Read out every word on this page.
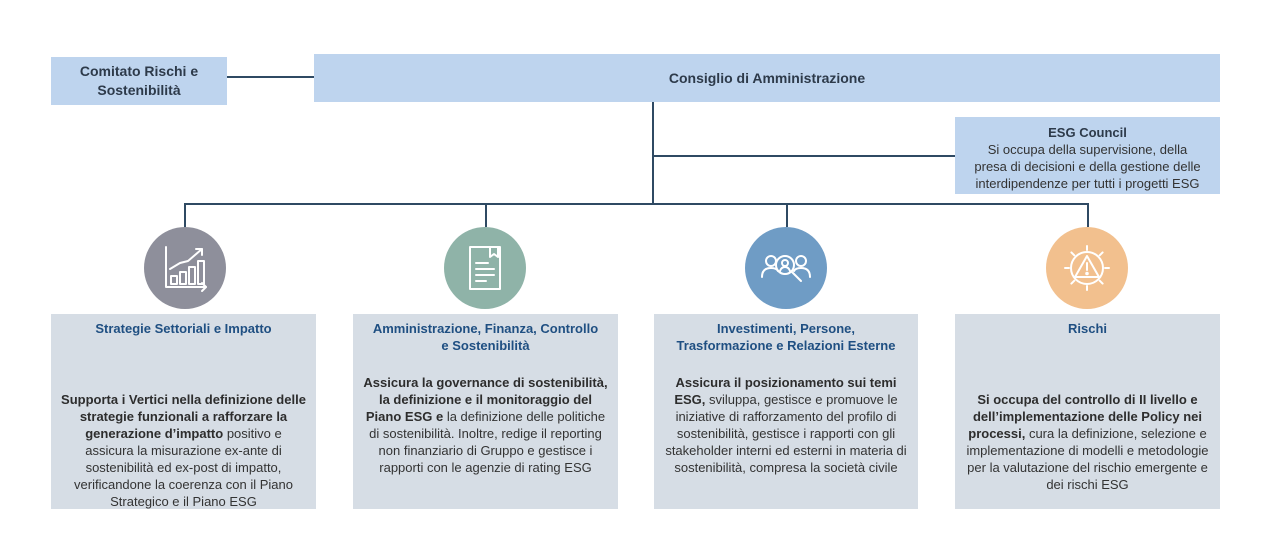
Comitato Rischi e
Sostenibilità
Consiglio di Amministrazione
ESG Council
Si occupa della supervisione, della
presa di decisioni e della gestione delle
interdipendenze per tutti i progetti ESG
Strategie Settoriali e Impatto
Supporta i Vertici nella definizione delle strategie funzionali a rafforzare la generazione d’impatto positivo e assicura la misurazione ex-ante di sostenibilità ed ex-post di impatto, verificandone la coerenza con il Piano Strategico e il Piano ESG
Amministrazione, Finanza, Controllo
e Sostenibilità
Assicura la governance di sostenibilità, la definizione e il monitoraggio del Piano ESG e la definizione delle politiche di sostenibilità. Inoltre, redige il reporting non finanziario di Gruppo e gestisce i rapporti con le agenzie di rating ESG
Investimenti, Persone,
Trasformazione e Relazioni Esterne
Assicura il posizionamento sui temi ESG, sviluppa, gestisce e promuove le iniziative di rafforzamento del profilo di sostenibilità, gestisce i rapporti con gli stakeholder interni ed esterni in materia di sostenibilità, compresa la società civile
Rischi
Si occupa del controllo di II livello e dell’implementazione delle Policy nei processi, cura la definizione, selezione e implementazione di modelli e metodologie per la valutazione del rischio emergente e dei rischi ESG
